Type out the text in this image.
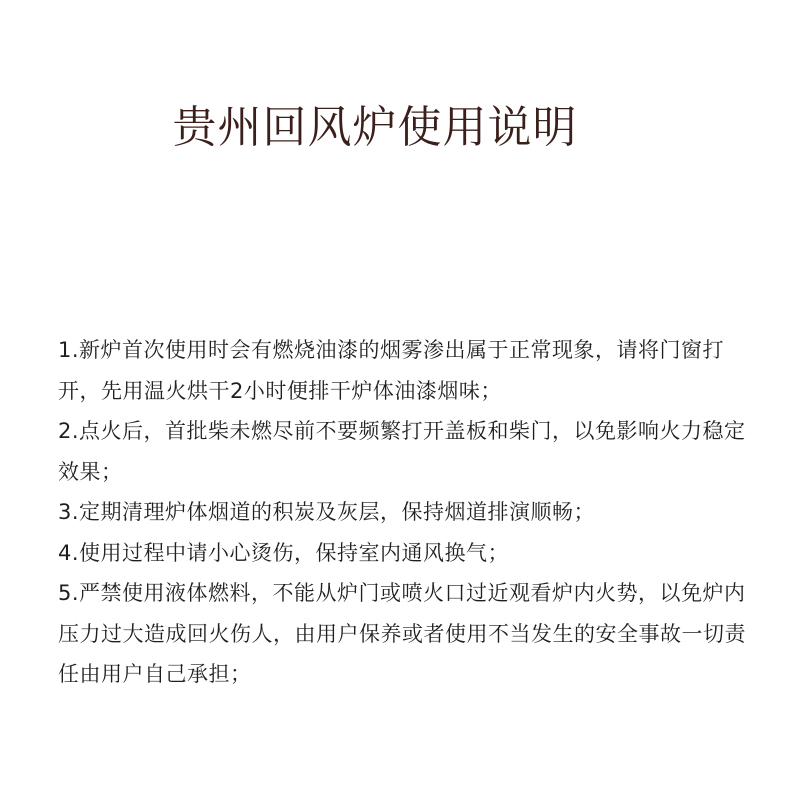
贵州回风炉使用说明

1.新炉首次使用时会有燃烧油漆的烟雾渗出属于正常现象，请将门窗打开，先用温火烘干2小时便排干炉体油漆烟味；

2.点火后，首批柴未燃尽前不要频繁打开盖板和柴门，以免影响火力稳定效果；

3.定期清理炉体烟道的积炭及灰层，保持烟道排演顺畅；

4.使用过程中请小心烫伤，保持室内通风换气；

5.严禁使用液体燃料，不能从炉门或喷火口过近观看炉内火势，以免炉内压力过大造成回火伤人，由用户保养或者使用不当发生的安全事故一切责任由用户自己承担；
